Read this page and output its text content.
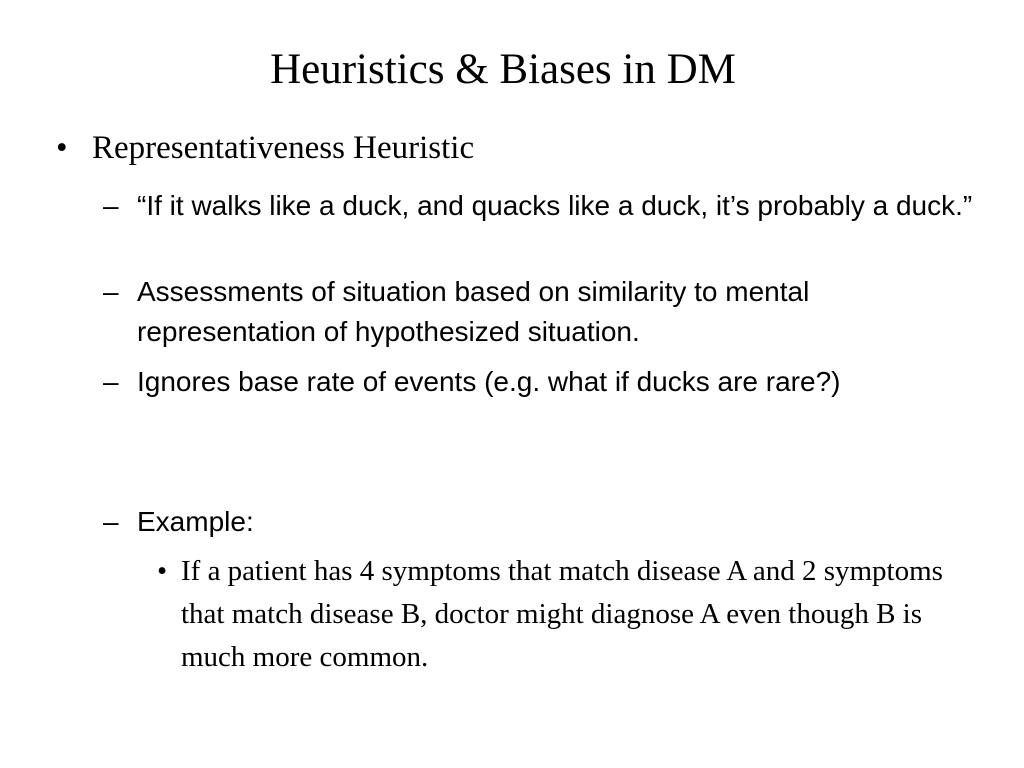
Heuristics & Biases in DM
• Representativeness Heuristic
– “If it walks like a duck, and quacks like a duck, it’s probably a duck.”
– Assessments of situation based on similarity to mental representation of hypothesized situation.
– Ignores base rate of events (e.g. what if ducks are rare?)
– Example:
• If a patient has 4 symptoms that match disease A and 2 symptoms that match disease B, doctor might diagnose A even though B is much more common.
